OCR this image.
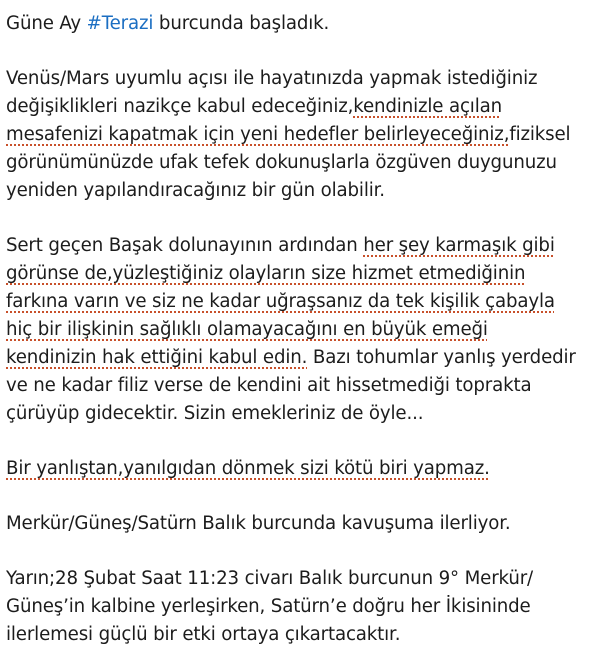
Güne Ay #Terazi burcunda başladık.

Venüs/Mars uyumlu açısı ile hayatınızda yapmak istediğiniz
değişiklikleri nazikçe kabul edeceğiniz,kendinizle açılan
mesafenizi kapatmak için yeni hedefler belirleyeceğiniz,fiziksel
görünümünüzde ufak tefek dokunuşlarla özgüven duygunuzu
yeniden yapılandıracağınız bir gün olabilir.

Sert geçen Başak dolunayının ardından her şey karmaşık gibi
görünse de,yüzleştiğiniz olayların size hizmet etmediğinin
farkına varın ve siz ne kadar uğraşsanız da tek kişilik çabayla
hiç bir ilişkinin sağlıklı olamayacağını en büyük emeği
kendinizin hak ettiğini kabul edin. Bazı tohumlar yanlış yerdedir
ve ne kadar filiz verse de kendini ait hissetmediği toprakta
çürüyüp gidecektir. Sizin emekleriniz de öyle...

Bir yanlıştan,yanılgıdan dönmek sizi kötü biri yapmaz.

Merkür/Güneş/Satürn Balık burcunda kavuşuma ilerliyor.

Yarın;28 Şubat Saat 11:23 civarı Balık burcunun 9° Merkür/
Güneş’in kalbine yerleşirken, Satürn’e doğru her İkisininde
ilerlemesi güçlü bir etki ortaya çıkartacaktır.
